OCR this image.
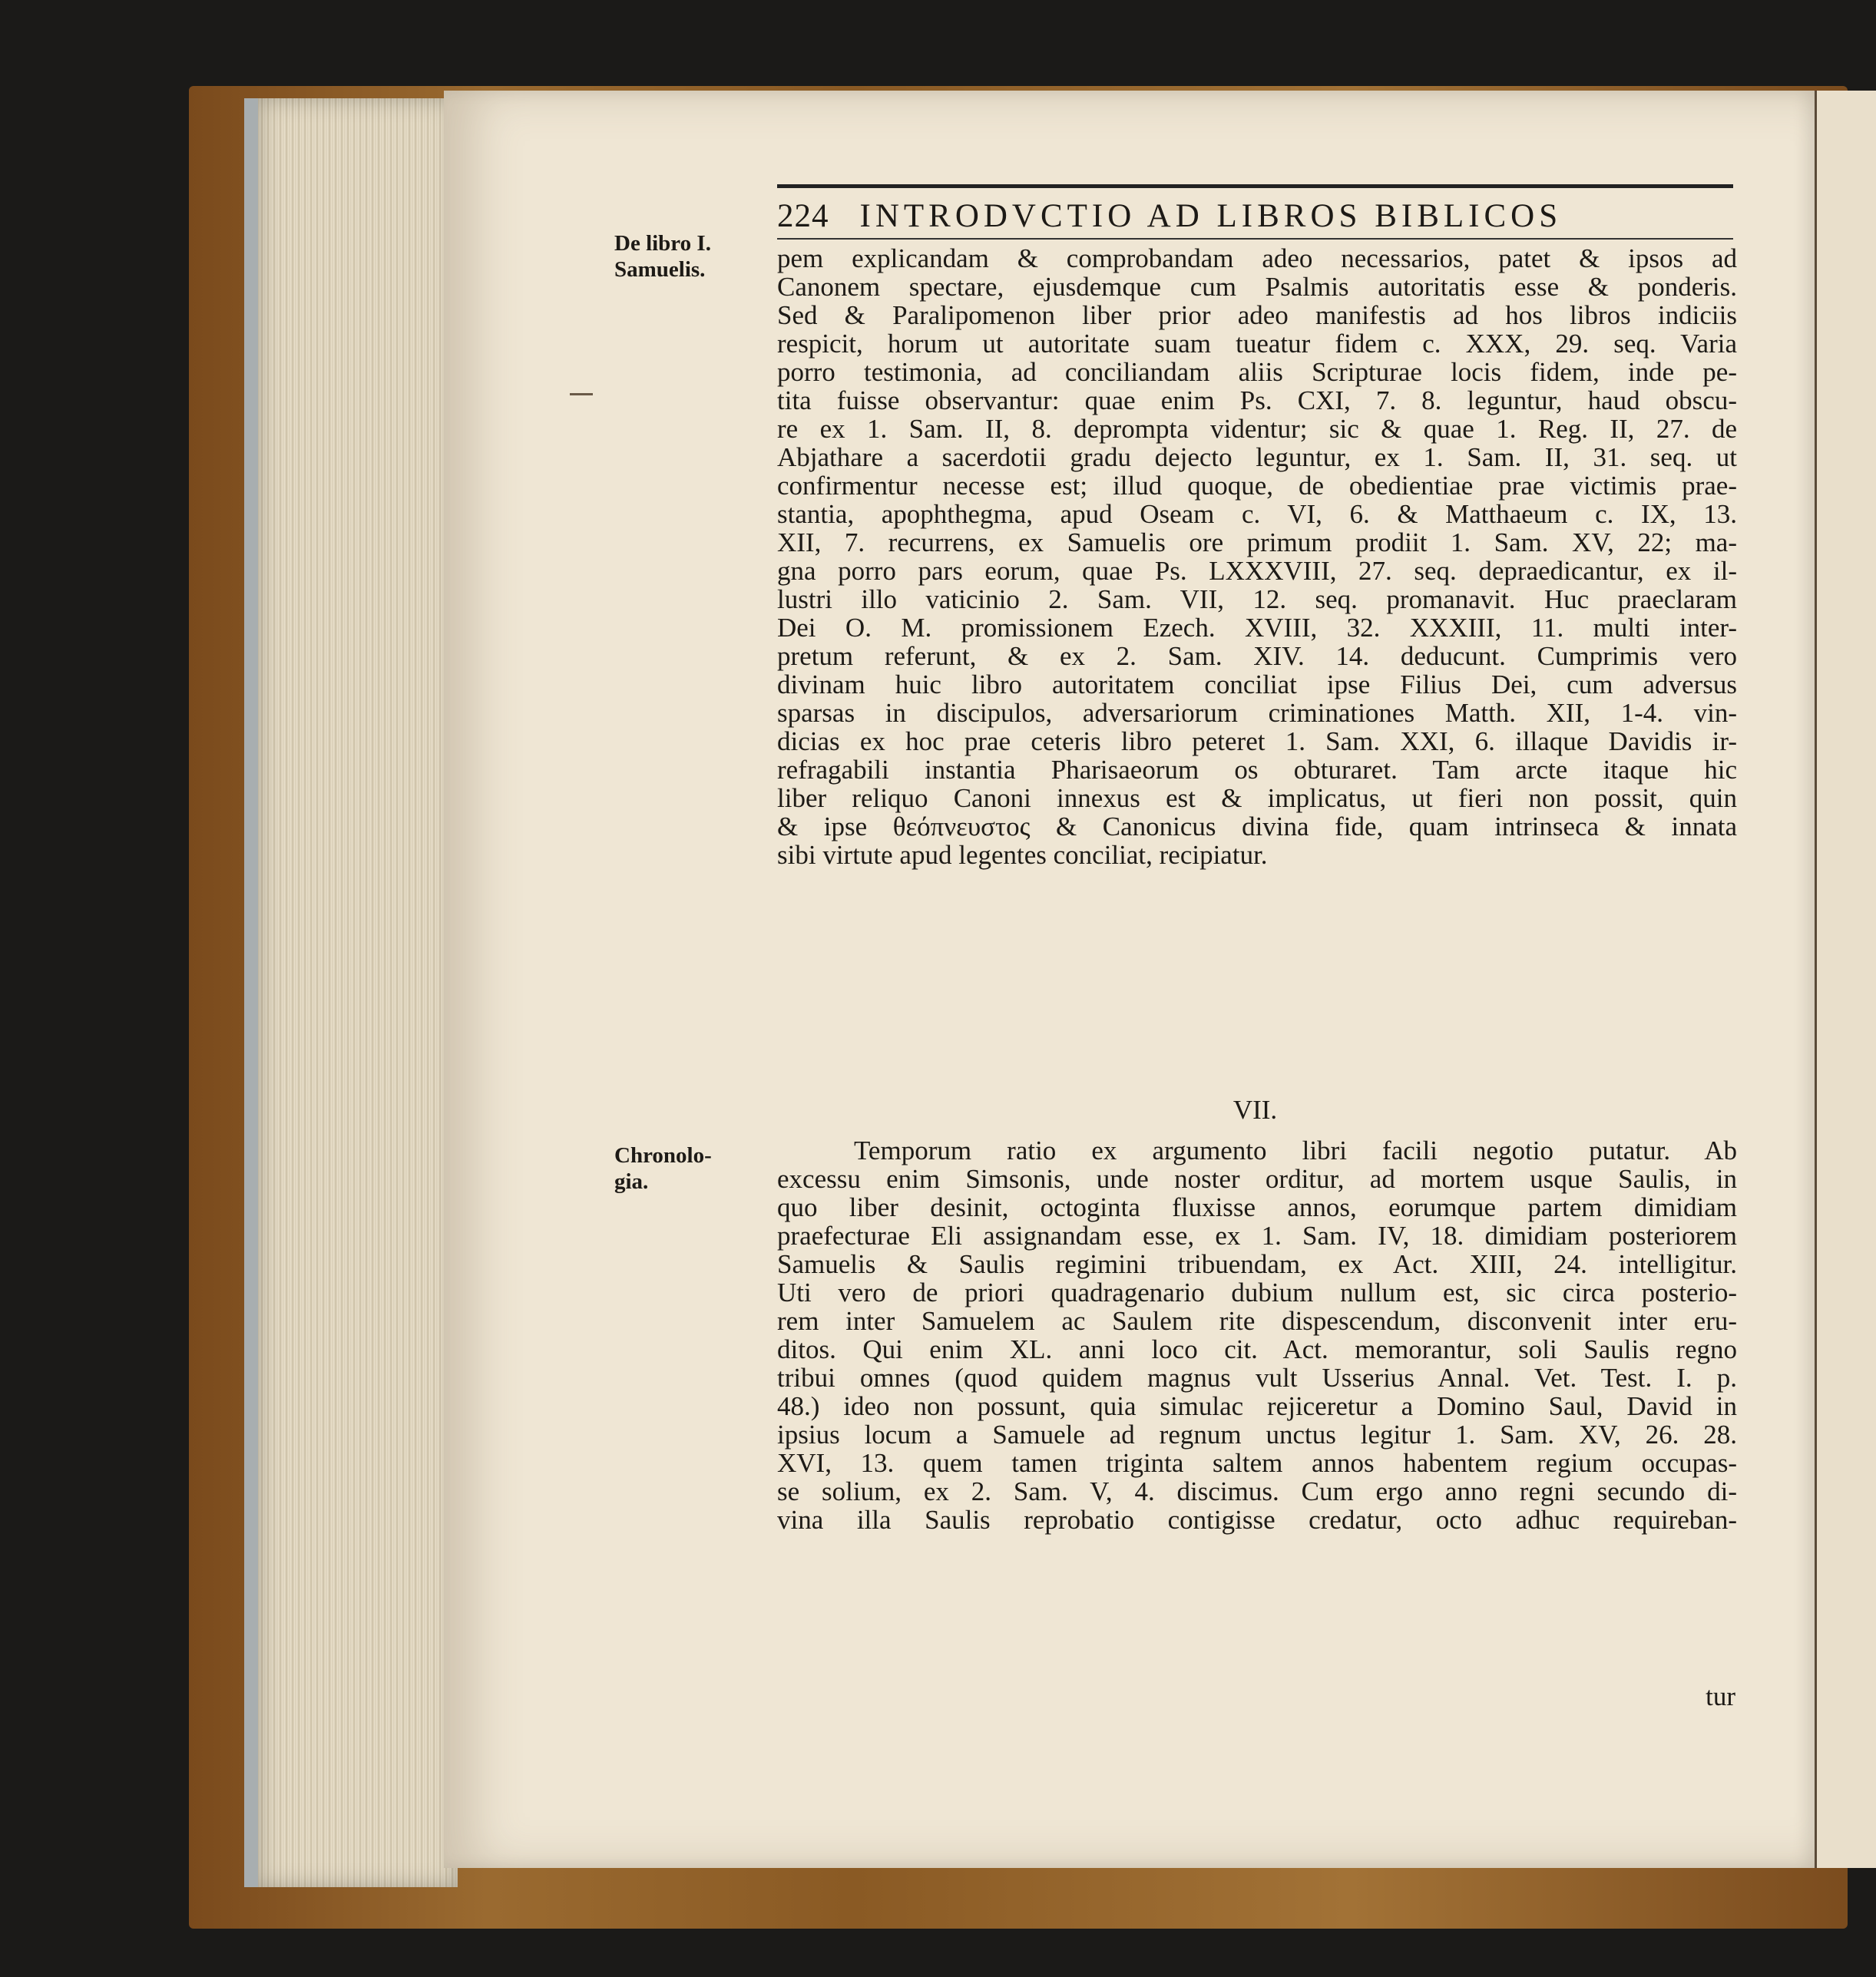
224 INTRODVCTIO AD LIBROS BIBLICOS
De libro I.
Samuelis.	pem explicandam & comprobandam adeo necessarios, patet & ipsos ad

Canonem spectare, ejusdemque cum Psalmis autoritatis esse & ponderis.

Sed & Paralipomenon liber prior adeo manifestis ad hos libros indiciis

respicit, horum ut autoritate suam tueatur fidem c. XXX, 29. seq. Varia

porro testimonia, ad conciliandam aliis Scripturae locis fidem, inde pe-

tita fuisse observantur: quae enim Ps. CXI, 7. 8. leguntur, haud obscu-

re ex 1. Sam. II, 8. deprompta videntur; sic & quae 1. Reg. II, 27. de

Abjathare a sacerdotii gradu dejecto leguntur, ex 1. Sam. II, 31. seq. ut

confirmentur necesse est; illud quoque, de obedientiae prae victimis prae-

stantia, apophthegma, apud Oseam c. VI, 6. & Matthaeum c. IX, 13.

XII, 7. recurrens, ex Samuelis ore primum prodiit 1. Sam. XV, 22; ma-

gna porro pars eorum, quae Ps. LXXXVIII, 27. seq. depraedicantur, ex il-

lustri illo vaticinio 2. Sam. VII, 12. seq. promanavit. Huc praeclaram

Dei O. M. promissionem Ezech. XVIII, 32. XXXIII, 11. multi inter-

pretum referunt, & ex 2. Sam. XIV. 14. deducunt. Cumprimis vero

divinam huic libro autoritatem conciliat ipse Filius Dei, cum adversus

sparsas in discipulos, adversariorum criminationes Matth. XII, 1-4. vin-

dicias ex hoc prae ceteris libro peteret 1. Sam. XXI, 6. illaque Davidis ir-

refragabili instantia Pharisaeorum os obturaret. Tam arcte itaque hic

liber reliquo Canoni innexus est & implicatus, ut fieri non possit, quin

& ipse θεόπνευστος & Canonicus divina fide, quam intrinseca & innata

sibi virtute apud legentes conciliat, recipiatur.

VII.
Chronolo-
gia.

Temporum ratio ex argumento libri facili negotio putatur. Ab

excessu enim Simsonis, unde noster orditur, ad mortem usque Saulis, in

quo liber desinit, octoginta fluxisse annos, eorumque partem dimidiam

praefecturae Eli assignandam esse, ex 1. Sam. IV, 18. dimidiam posteriorem

Samuelis & Saulis regimini tribuendam, ex Act. XIII, 24. intelligitur.

Uti vero de priori quadragenario dubium nullum est, sic circa posterio-

rem inter Samuelem ac Saulem rite dispescendum, disconvenit inter eru-

ditos. Qui enim XL. anni loco cit. Act. memorantur, soli Saulis regno

tribui omnes (quod quidem magnus vult Usserius Annal. Vet. Test. I. p.

48.) ideo non possunt, quia simulac rejiceretur a Domino Saul, David in

ipsius locum a Samuele ad regnum unctus legitur 1. Sam. XV, 26. 28.

XVI, 13. quem tamen triginta saltem annos habentem regium occupas-

se solium, ex 2. Sam. V, 4. discimus. Cum ergo anno regni secundo di-

vina illa Saulis reprobatio contigisse credatur, octo adhuc requireban-

tur
